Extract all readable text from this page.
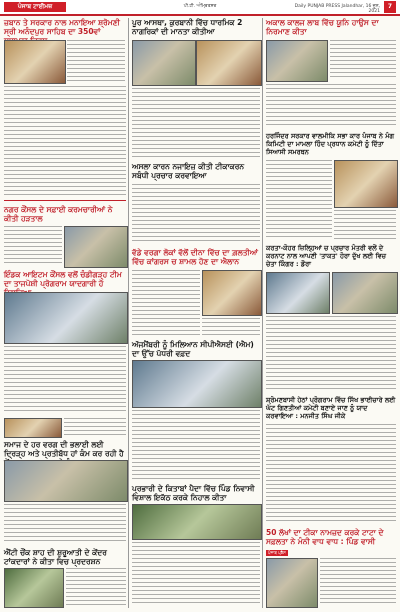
ਪੰਜਾਬ ਟਾਈਮਜ਼	ਪੀ.ਟੀ. ਅੰਮ੍ਰਿਤਸਰ	Daily PUNJAB PRESS Jalandhar, 16 ਜੂਨ, 2021
7
ਜ਼ਬਾਨ ਤੇ ਸਰਕਾਰ ਨਾਲ ਮਨਾਇਆ ਸ਼੍ਰੋਮਣੀ ਸ੍ਰੀ ਅਨੰਦਪੁਰ ਸਾਹਿਬ ਦਾ 350ਵਾਂ
ਨਗਰ ਕੌਂਸਲ ਦੇ ਸਫ਼ਾਈ ਕਰਮਚਾਰੀਆਂ ਨੇ ਕੀਤੀ ਹੜਤਾਲ
ਇੰਡਕ ਆਇਟਮ ਕੌਂਸਲ ਵਲੋਂ ਚੰਡੀਗੜ੍ਹ ਟੀਮ ਦਾ ਤਾਜਪੋਸ਼ੀ ਪ੍ਰੋਗਰਾਮ ਯਾਦਗਾਰੀ ਹੋ
ਸਮਾਜ ਦੇ ਹਰ ਵਰਗ ਦੀ ਭਲਾਈ ਲਈ ਦ੍ਰਿੜ੍ਹ ਅਤੇ ਪ੍ਰਤੀਬੱਧ ਹਾਂ ਕੰਮ ਕਰ ਰਹੀ ਹੈ
ਐਂਟੀ ਚੌਂਕ ਸ਼ਾਹ ਦੀ ਸ਼ੁਰੂਆਤੀ ਦੇ ਕੇਂਦਰ ਟਾਂਕਦਾਰਾਂ ਨੇ ਕੀਤਾ ਵਿਚ ਪ੍ਰਦਰਸ਼ਨ
ਪੂਰ ਆਸਥਾ, ਕੁਰਬਾਨੀ ਵਿੱਚ ਧਾਰਮਿਕ 2 ਨਾਗਰਿਕਾਂ ਦੀ ਮਾਨਤਾ ਕੀਤੀਆ
ਅਸਲਾ ਕਾਰਨ ਨਜਾਇਜ਼ ਕੀਤੀ ਟੀਕਾਕਰਨ ਸਬੰਧੀ ਪ੍ਰਚਾਰ ਕਰਵਾਇਆ
ਵੱਡੇ ਵਰਗਾ ਲੋਕਾਂ ਵੱਲੋਂ ਦੀਨਾ ਵਿੱਚ ਦਾ ਗ਼ਲਤੀਆਂ ਵਿੱਚ ਕਾਂਗਰਸ ਚ ਸ਼ਾਮਲ ਹੋਣ ਦਾ ਐਲਾਨ
ਅੱਜਮੈਂਬਰੀ ਨੂੰ ਮਿਲਿਆਨ ਸੀਪੀਐਸਈ (ਐਮ) ਦਾ ਉੱਚ ਪੱਧਰੀ ਵਫ਼ਦ
ਪ੍ਰਭਾਰੀ ਦੇ ਕਿਤਾਬਾਂ ਪੈਦਾ ਵਿੱਚ ਪਿੰਡ ਨਿਵਾਸੀ ਵਿਸ਼ਾਲ ਇਕੱਠ ਕਰਕੇ ਨਿਹਾਲ ਕੀਤਾ
ਅਕਾਲ ਕਾਲਜ ਲਾਬ ਵਿੱਚ ਯੂਨਿ ਹਾਉਸ ਦਾ ਨਿਰਮਾਣ ਕੀਤਾ
ਹਰਜਿੰਦਰ ਸਰਕਾਰ ਵਾਲਮੀਕਿ ਸਭਾ ਕਾਰ ਪੰਜਾਬ ਨੇ ਮੰਗ ਕਿਮਿਟੀ ਦਾ ਮਾਮਲਾ ਹਿੰਦ ਪ੍ਰਧਾਨ ਕਮੇਟੀ ਨੂੰ ਦਿੱਤਾ ਸਿਆਸੀ ਸਮਰਥਨ
ਕਰਤਾ-ਕੋਹਰ ਜ਼ਿਲ੍ਹਿਆਂ ਚ ਪ੍ਰਚਾਰ ਮੰਤਰੀ ਵਲੋਂ ਦੇ ਕਰਨਾਟ ਨਾਲ ਆਪਣੀ 'ਤਾਕਤ' ਹੋਰਾ ਦੁੱਖ ਲਈ ਵਿਚ ਚੇਤਾ ਕਿੰਗਰ : ਡੌਰਾ
ਸ਼੍ਰੋਮਣਬਾਸੀ ਹੇਠਾਂ ਪ੍ਰੋਗਰਾਮ ਵਿੱਚ ਸਿੱਖ ਭਾਈਚਾਰੇ ਲਈ ਘੱਟ ਗਿਣਤੀਆਂ ਕਮੇਟੀ ਬਣਾਏ ਜਾਣ ਨੂੰ ਯਾਦ ਕਰਵਾਇਆ : ਮਨਜੀਤ ਸਿੰਘ ਜੀਕੇ
50 ਲੱਖਾਂ ਦਾ ਟੀਕਾ ਨਾਮਜ਼ਦ ਕਰਕੇ ਟਾਟਾ ਦੇ ਸਫ਼ਲਤਾ ਨੇ ਮੰਨੀ ਵਾਧ ਵਾਧ : ਪਿੰਡ ਵਾਸੀ
ਪੰਜਾਬ ਪ੍ਰੈਸ
